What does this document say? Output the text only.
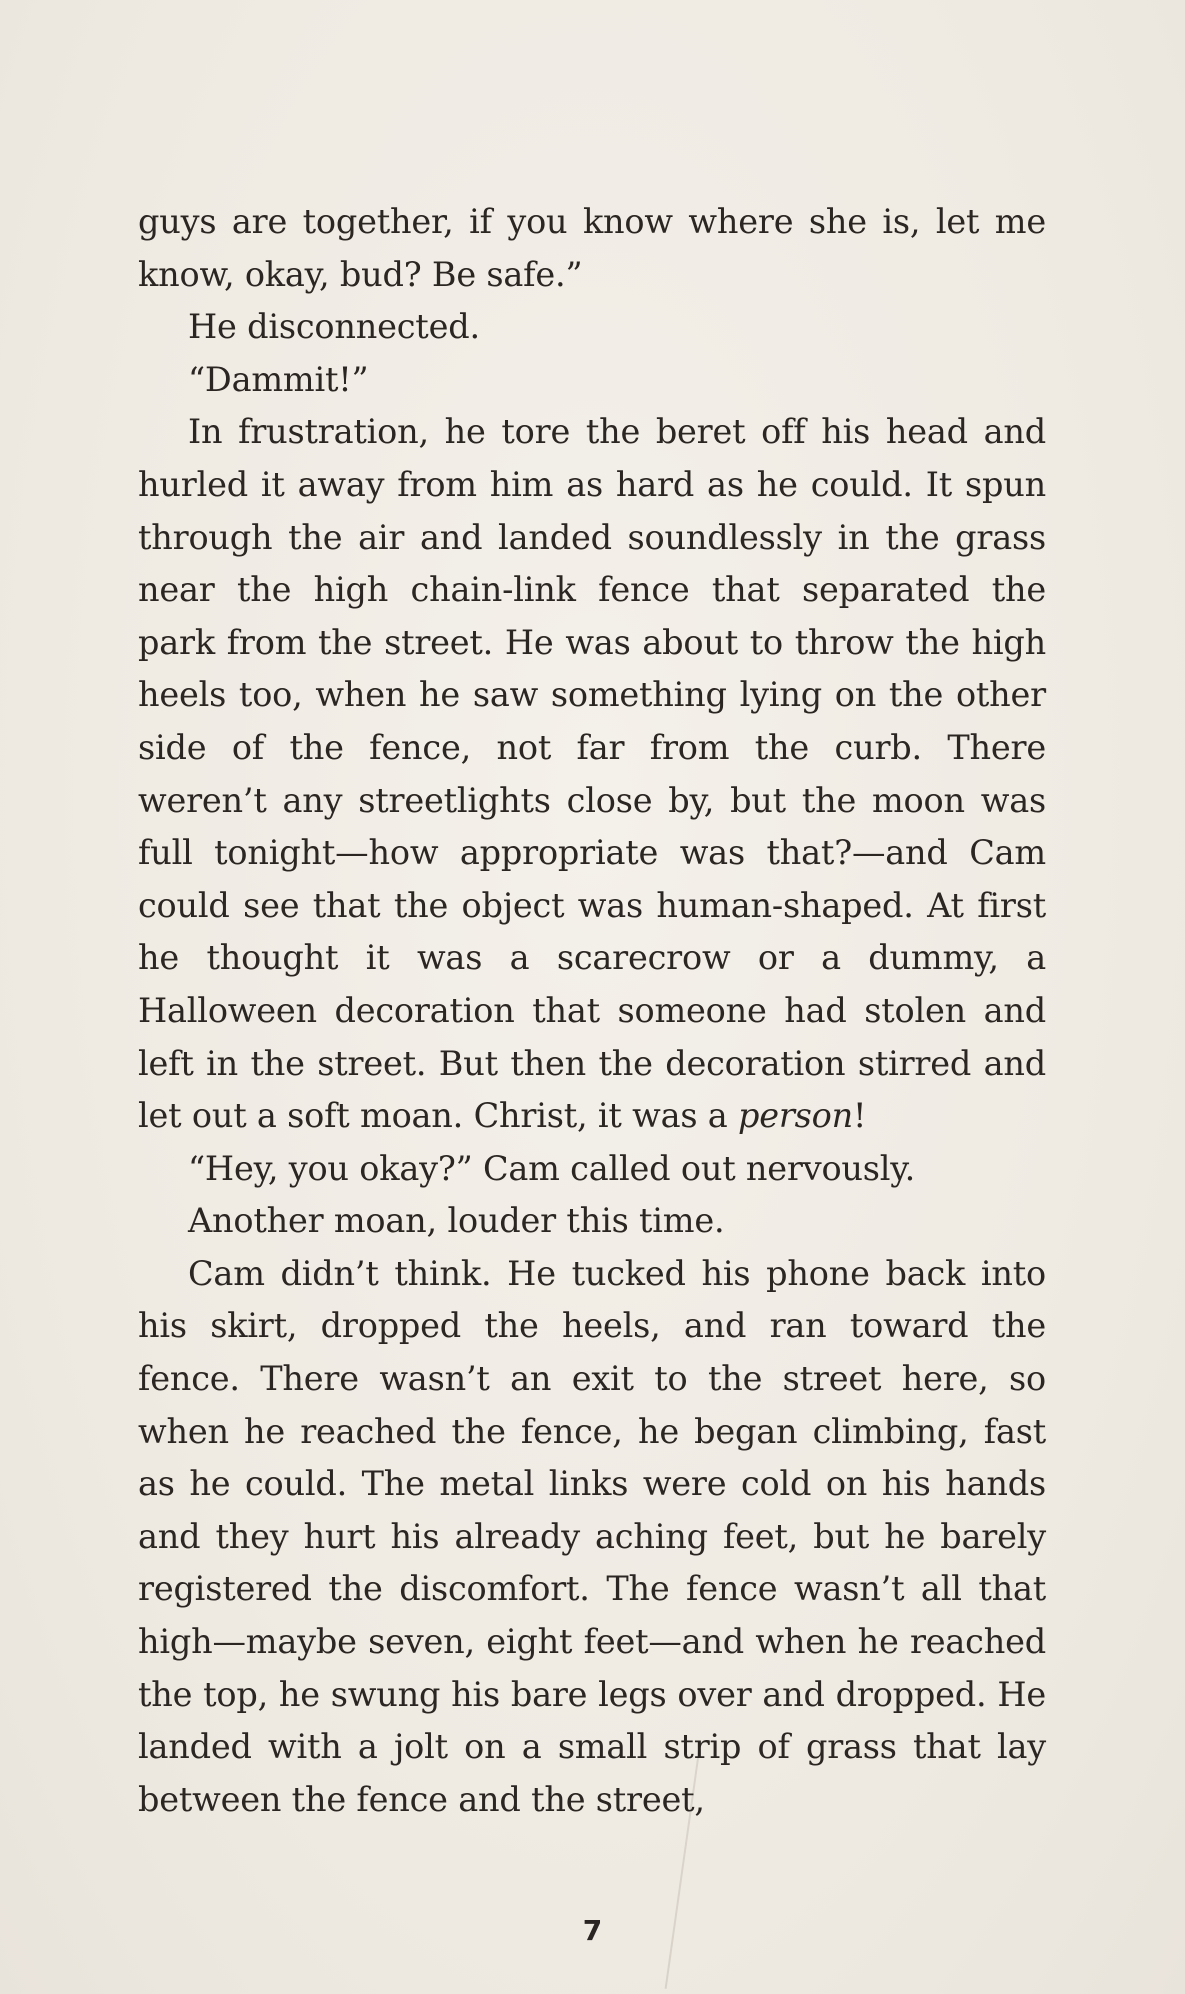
guys are together, if you know where she is, let me know, okay, bud? Be safe.”

He disconnected.

“Dammit!”

In frustration, he tore the beret off his head and hurled it away from him as hard as he could. It spun through the air and landed soundlessly in the grass near the high chain-link fence that separated the park from the street. He was about to throw the high heels too, when he saw something lying on the other side of the fence, not far from the curb. There weren’t any streetlights close by, but the moon was full tonight—how appropriate was that?—and Cam could see that the object was human-shaped. At first he thought it was a scarecrow or a dummy, a Halloween decoration that someone had stolen and left in the street. But then the decoration stirred and let out a soft moan. Christ, it was a person!

“Hey, you okay?” Cam called out nervously.

Another moan, louder this time.

Cam didn’t think. He tucked his phone back into his skirt, dropped the heels, and ran toward the fence. There wasn’t an exit to the street here, so when he reached the fence, he began climbing, fast as he could. The metal links were cold on his hands and they hurt his already aching feet, but he barely registered the discomfort. The fence wasn’t all that high—maybe seven, eight feet—and when he reached the top, he swung his bare legs over and dropped. He landed with a jolt on a small strip of grass that lay between the fence and the street,

7
